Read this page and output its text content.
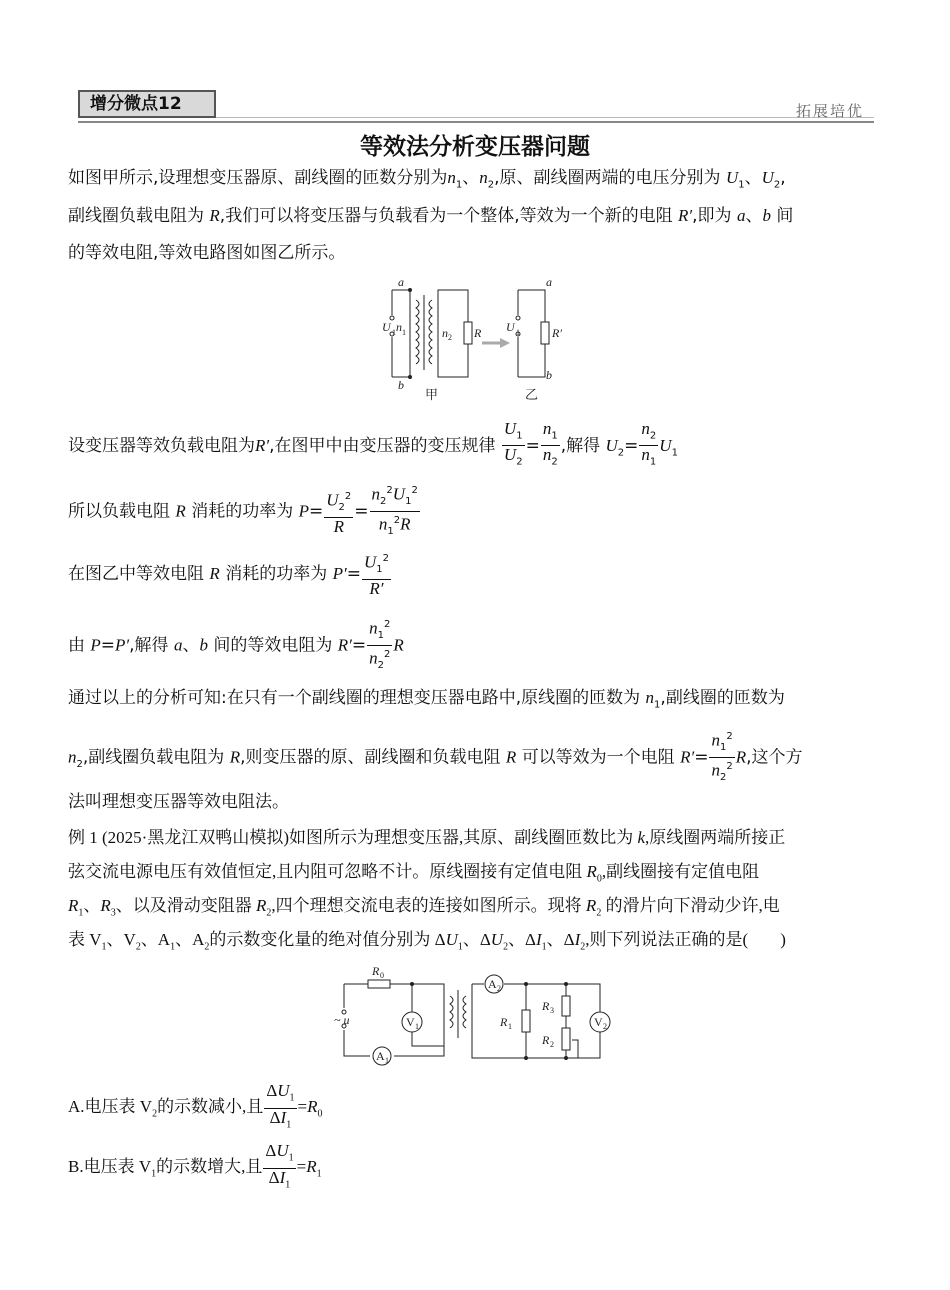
增分微点12	拓展培优
等效法分析变压器问题
如图甲所示,设理想变压器原、副线圈的匝数分别为$n_1$、$n_2$,原、副线圈两端的电压分别为 $U_1$、$U_2$,
副线圈负载电阻为 R,我们可以将变压器与负载看为一个整体,等效为一个新的电阻 R′,即为 a、b 间
的等效电阻,等效电路图如图乙所示。
a
b
U 1 n 1	n 2 R
a
b
U 1	R′
甲	乙
设变压器等效负载电阻为R′,在图甲中由变压器的变压规律 $\frac{U_1}{U_2} = \frac{n_1}{n_2}$ ,解得 $U_2= \frac{n_2}{n_1} U_1$
所以负载电阻 R 消耗的功率为 $P= \frac{U_2^2}{R} = \frac{n_2^2U_1^2}{n_1^2R}$
在图乙中等效电阻 R 消耗的功率为 $P'= \frac{U_1^2}{R'}$
由 P=P′,解得 a、b 间的等效电阻为 $R'= \frac{n_1^2}{n_2^2}$ R
通过以上的分析可知:在只有一个副线圈的理想变压器电路中,原线圈的匝数为 $n_1$,副线圈的匝数为
$n_2$,副线圈负载电阻为 R,则变压器的原、副线圈和负载电阻 R 可以等效为一个电阻 $R'= \frac{n_1^2}{n_2^2} R$,这个方
法叫理想变压器等效电阻法。
例 1 (2025·黑龙江双鸭山模拟)如图所示为理想变压器,其原、副线圈匝数比为 k,原线圈两端所接正
弦交流电源电压有效值恒定,且内阻可忽略不计。原线圈接有定值电阻 $R_0$,副线圈接有定值电阻
$R_1$、$R_3$、以及滑动变阻器 $R_2$,四个理想交流电表的连接如图所示。现将 $R_2$ 的滑片向下滑动少许,电
表 $V_1$、$V_2$、$A_1$、$A_2$的示数变化量的绝对值分别为 $\Delta U_1$、$\Delta U_2$、$\Delta I_1$、$\Delta I_2$,则下列说法正确的是( )
R 0
~ u	V 1
A 1
A 2
R 1
R 3
R 2
V 2
A.电压表 $V_2$的示数减小,且 $\frac{\Delta U_1}{\Delta I_1} =R_0$
B.电压表 $V_1$的示数增大,且 $\frac{\Delta U_1}{\Delta I_1} =R_1$
